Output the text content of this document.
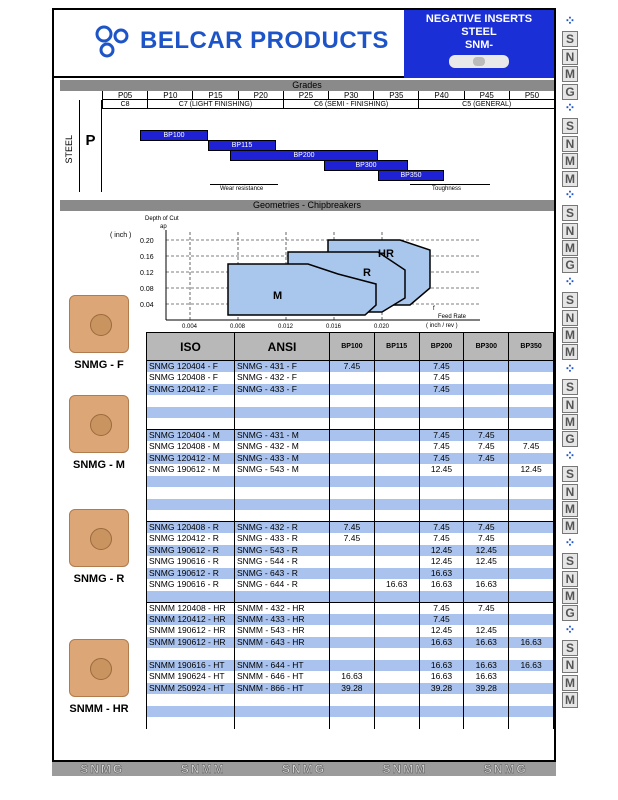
BELCAR PRODUCTS
NEGATIVE INSERTS
STEEL
SNM-
Grades
STEEL P
P05	P10	P15	P20	P25	P30	P35	P40	P45	P50
C8	C7 (LIGHT FINISHING)	C6 (SEMI - FINISHING)	C5 (GENERAL)
BP100
BP115
BP200
BP300
BP350
Wear resistance	Toughness
Geometries - Chipbreakers
Depth of Cut
ap
( inch )
0.20
0.16
0.12
0.08
0.04
0.004	0.008	0.012	0.016	0.020
HR
R
M
f
Feed Rate
( inch / rev )
SNMG - F
SNMG - M
SNMG - R
SNMM - HR
ISO	ANSI	BP100	BP115	BP200	BP300	BP350
SNMG 120404 - F	SNMG - 431 - F	7.45		7.45		
SNMG 120408 - F	SNMG - 432 - F			7.45		
SNMG 120412 - F	SNMG - 433 - F			7.45		

SNMG 120404 - M	SNMG - 431 - M			7.45	7.45	
SNMG 120408 - M	SNMG - 432 - M			7.45	7.45	7.45
SNMG 120412 - M	SNMG - 433 - M			7.45	7.45	
SNMG 190612 - M	SNMG - 543 - M			12.45		12.45

SNMG 120408 - R	SNMG - 432 - R	7.45		7.45	7.45	
SNMG 120412 - R	SNMG - 433 - R	7.45		7.45	7.45	
SNMG 190612 - R	SNMG - 543 - R			12.45	12.45	
SNMG 190616 - R	SNMG - 544 - R			12.45	12.45	
SNMG 190612 - R	SNMG - 643 - R			16.63		
SNMG 190616 - R	SNMG - 644 - R		16.63	16.63	16.63	

SNMM 120408 - HR	SNMM - 432 - HR			7.45	7.45	
SNMM 120412 - HR	SNMM - 433 - HR			7.45		
SNMM 190612 - HR	SNMM - 543 - HR			12.45	12.45	
SNMM 190612 - HR	SNMM - 643 - HR			16.63	16.63	16.63

SNMM 190616 - HT	SNMM - 644 - HT			16.63	16.63	16.63
SNMM 190624 - HT	SNMM - 646 - HT	16.63		16.63	16.63	
SNMM 250924 - HT	SNMM - 866 - HT	39.28		39.28	39.28	

⁘
S
N
M
G
⁘
S
N
M
M
⁘
S
N
M
G
⁘
S
N
M
M
⁘
S
N
M
G
⁘
S
N
M
M
⁘
S
N
M
G
⁘
S
N
M
M
SNMG	SNMM	SNMG	SNMM	SNMG
